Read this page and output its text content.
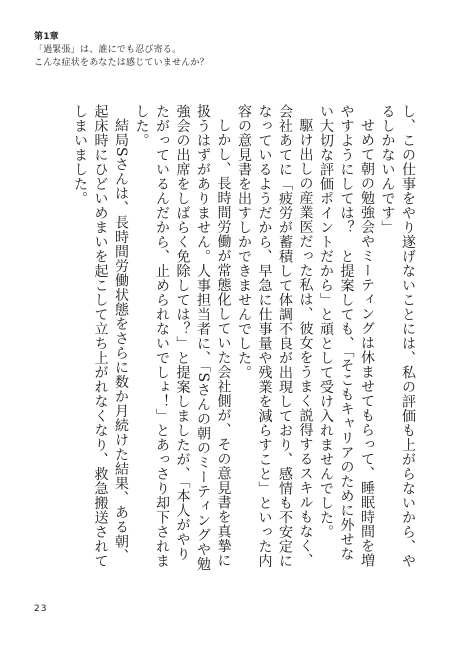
第1章
「過緊張」は、誰にでも忍び寄る。
こんな症状をあなたは感じていませんか？

し、この仕事をやり遂げないことには、私の評価も上がらないから、やるしかないんです」

せめて朝の勉強会やミーティングは休ませてもらって、睡眠時間を増やすようにしては？　と提案しても、「そこもキャリアのために外せない大切な評価ポイントだから」と頑として受け入れませんでした。

駆け出しの産業医だった私は、彼女をうまく説得するスキルもなく、会社あてに「疲労が蓄積して体調不良が出現しており、感情も不安定になっているようだから、早急に仕事量や残業を減らすこと」といった内容の意見書を出すしかできませんでした。

しかし、長時間労働が常態化していた会社側が、その意見書を真摯に扱うはずがありません。人事担当者に、「Sさんの朝のミーティングや勉強会の出席をしばらく免除しては？」と提案しましたが、「本人がやりたがっているんだから、止められないでしょ！」とあっさり却下されました。

結局Sさんは、長時間労働状態をさらに数か月続けた結果、ある朝、起床時にひどいめまいを起こして立ち上がれなくなり、救急搬送されてしまいました。

23
